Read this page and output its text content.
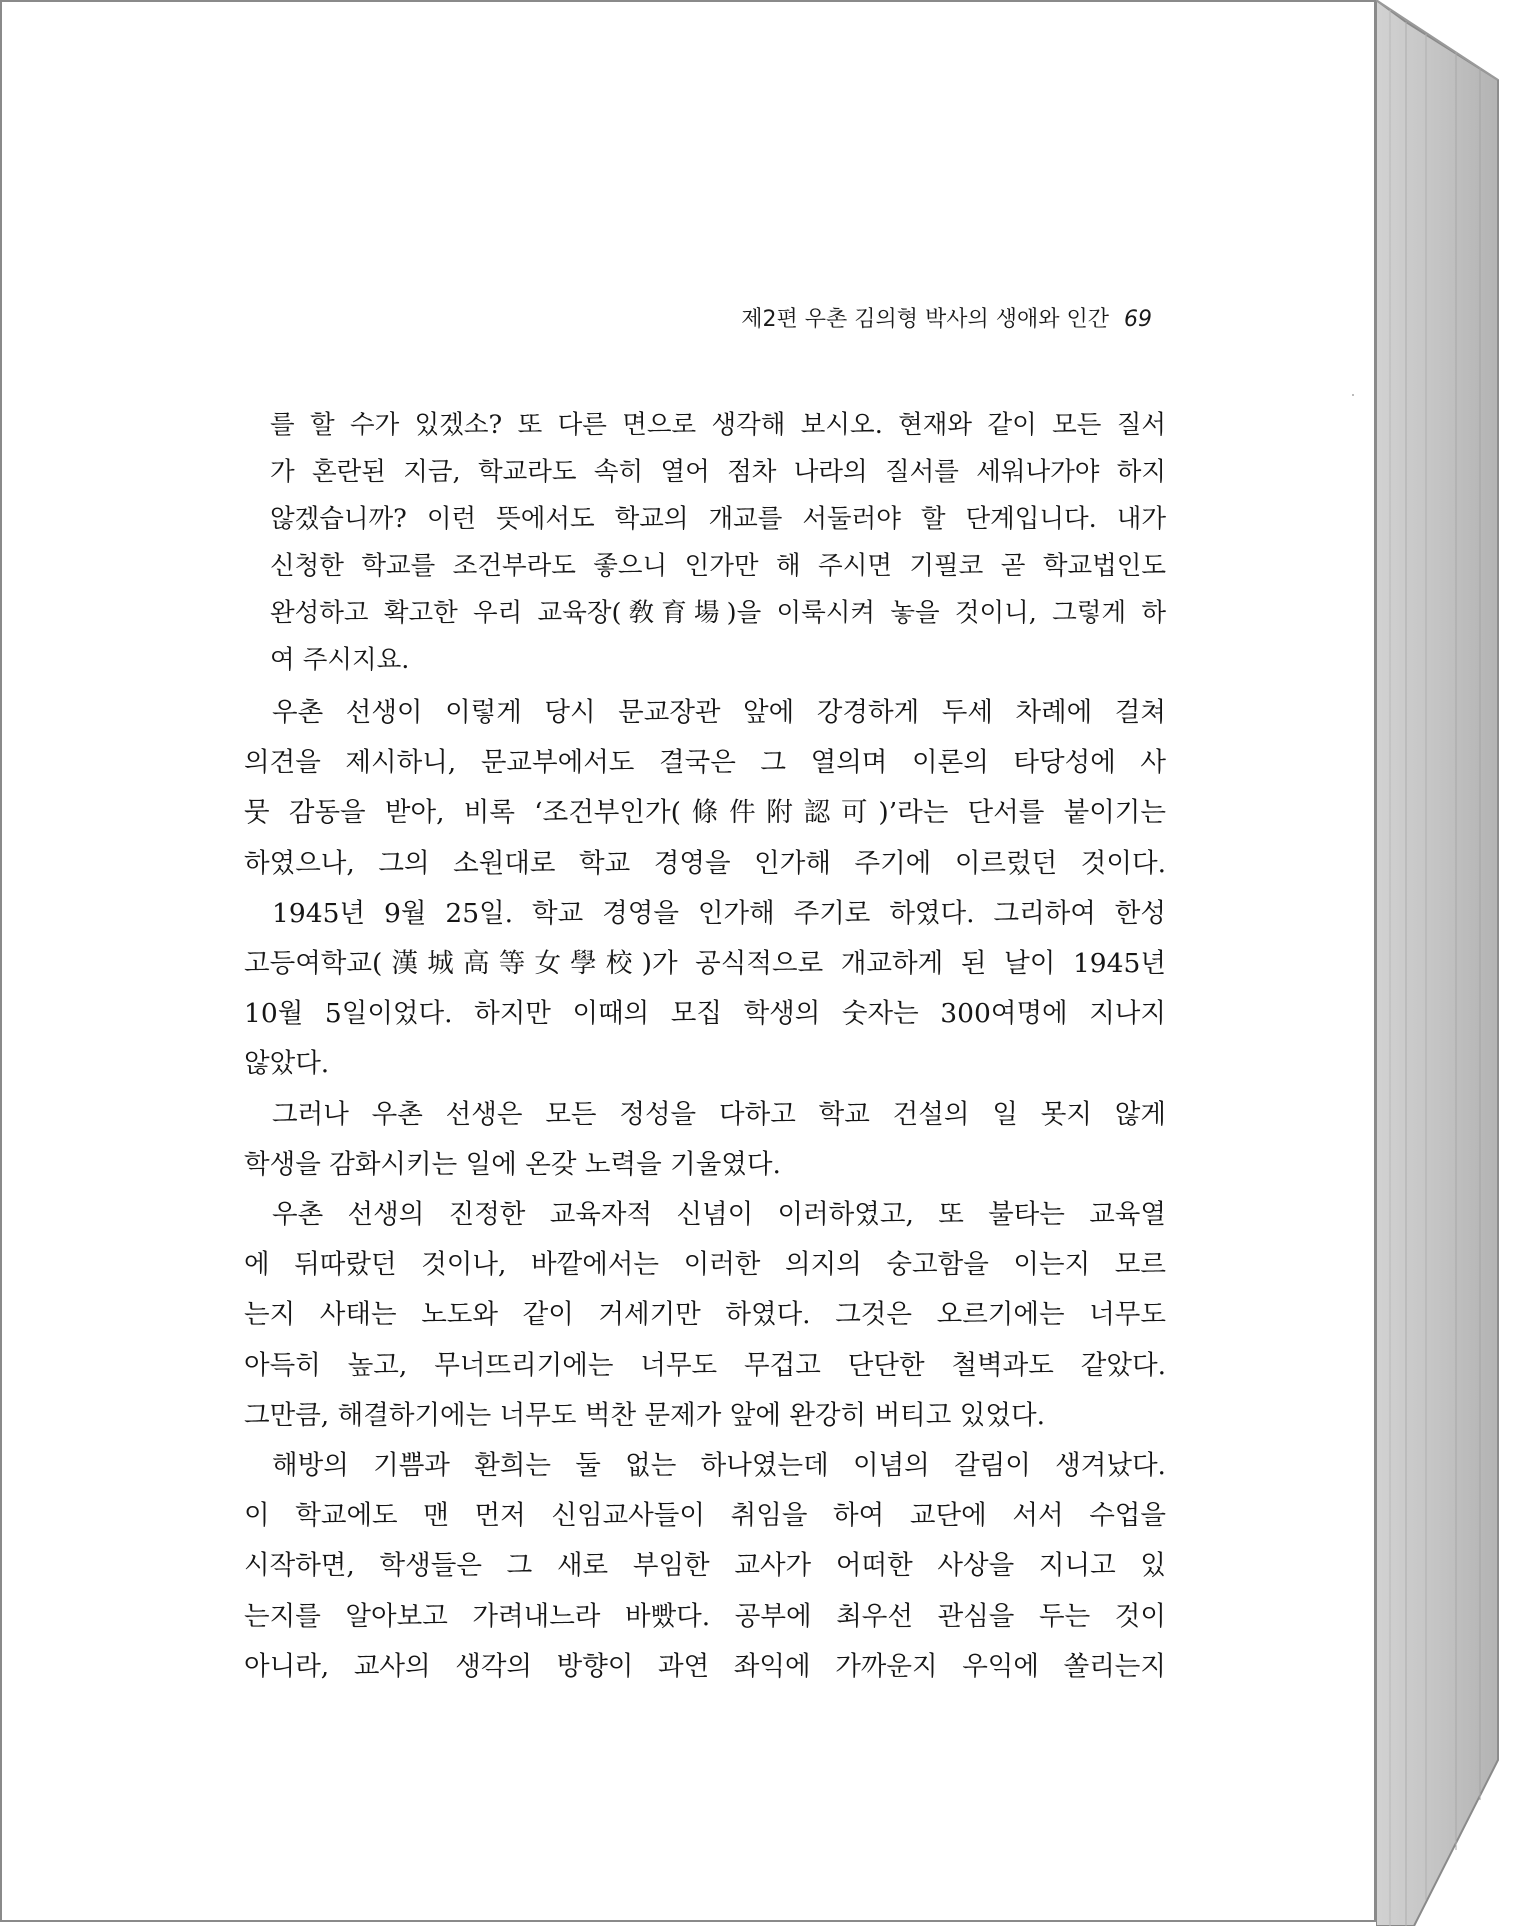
제2편 우촌 김의형 박사의 생애와 인간 69
를 할 수가 있겠소? 또 다른 면으로 생각해 보시오. 현재와 같이 모든 질서
가 혼란된 지금, 학교라도 속히 열어 점차 나라의 질서를 세워나가야 하지
않겠습니까? 이런 뜻에서도 학교의 개교를 서둘러야 할 단계입니다. 내가
신청한 학교를 조건부라도 좋으니 인가만 해 주시면 기필코 곧 학교법인도
완성하고 확고한 우리 교육장(敎育場)을 이룩시켜 놓을 것이니, 그렇게 하
여 주시지요.
우촌 선생이 이렇게 당시 문교장관 앞에 강경하게 두세 차례에 걸쳐
의견을 제시하니, 문교부에서도 결국은 그 열의며 이론의 타당성에 사
뭇 감동을 받아, 비록 ‘조건부인가(條件附認可)’라는 단서를 붙이기는
하였으나, 그의 소원대로 학교 경영을 인가해 주기에 이르렀던 것이다.
1945년 9월 25일. 학교 경영을 인가해 주기로 하였다. 그리하여 한성
고등여학교(漢城高等女學校)가 공식적으로 개교하게 된 날이 1945년
10월 5일이었다. 하지만 이때의 모집 학생의 숫자는 300여명에 지나지
않았다.
그러나 우촌 선생은 모든 정성을 다하고 학교 건설의 일 못지 않게
학생을 감화시키는 일에 온갖 노력을 기울였다.
우촌 선생의 진정한 교육자적 신념이 이러하였고, 또 불타는 교육열
에 뒤따랐던 것이나, 바깥에서는 이러한 의지의 숭고함을 이는지 모르
는지 사태는 노도와 같이 거세기만 하였다. 그것은 오르기에는 너무도
아득히 높고, 무너뜨리기에는 너무도 무겁고 단단한 철벽과도 같았다.
그만큼, 해결하기에는 너무도 벅찬 문제가 앞에 완강히 버티고 있었다.
해방의 기쁨과 환희는 둘 없는 하나였는데 이념의 갈림이 생겨났다.
이 학교에도 맨 먼저 신임교사들이 취임을 하여 교단에 서서 수업을
시작하면, 학생들은 그 새로 부임한 교사가 어떠한 사상을 지니고 있
는지를 알아보고 가려내느라 바빴다. 공부에 최우선 관심을 두는 것이
아니라, 교사의 생각의 방향이 과연 좌익에 가까운지 우익에 쏠리는지
